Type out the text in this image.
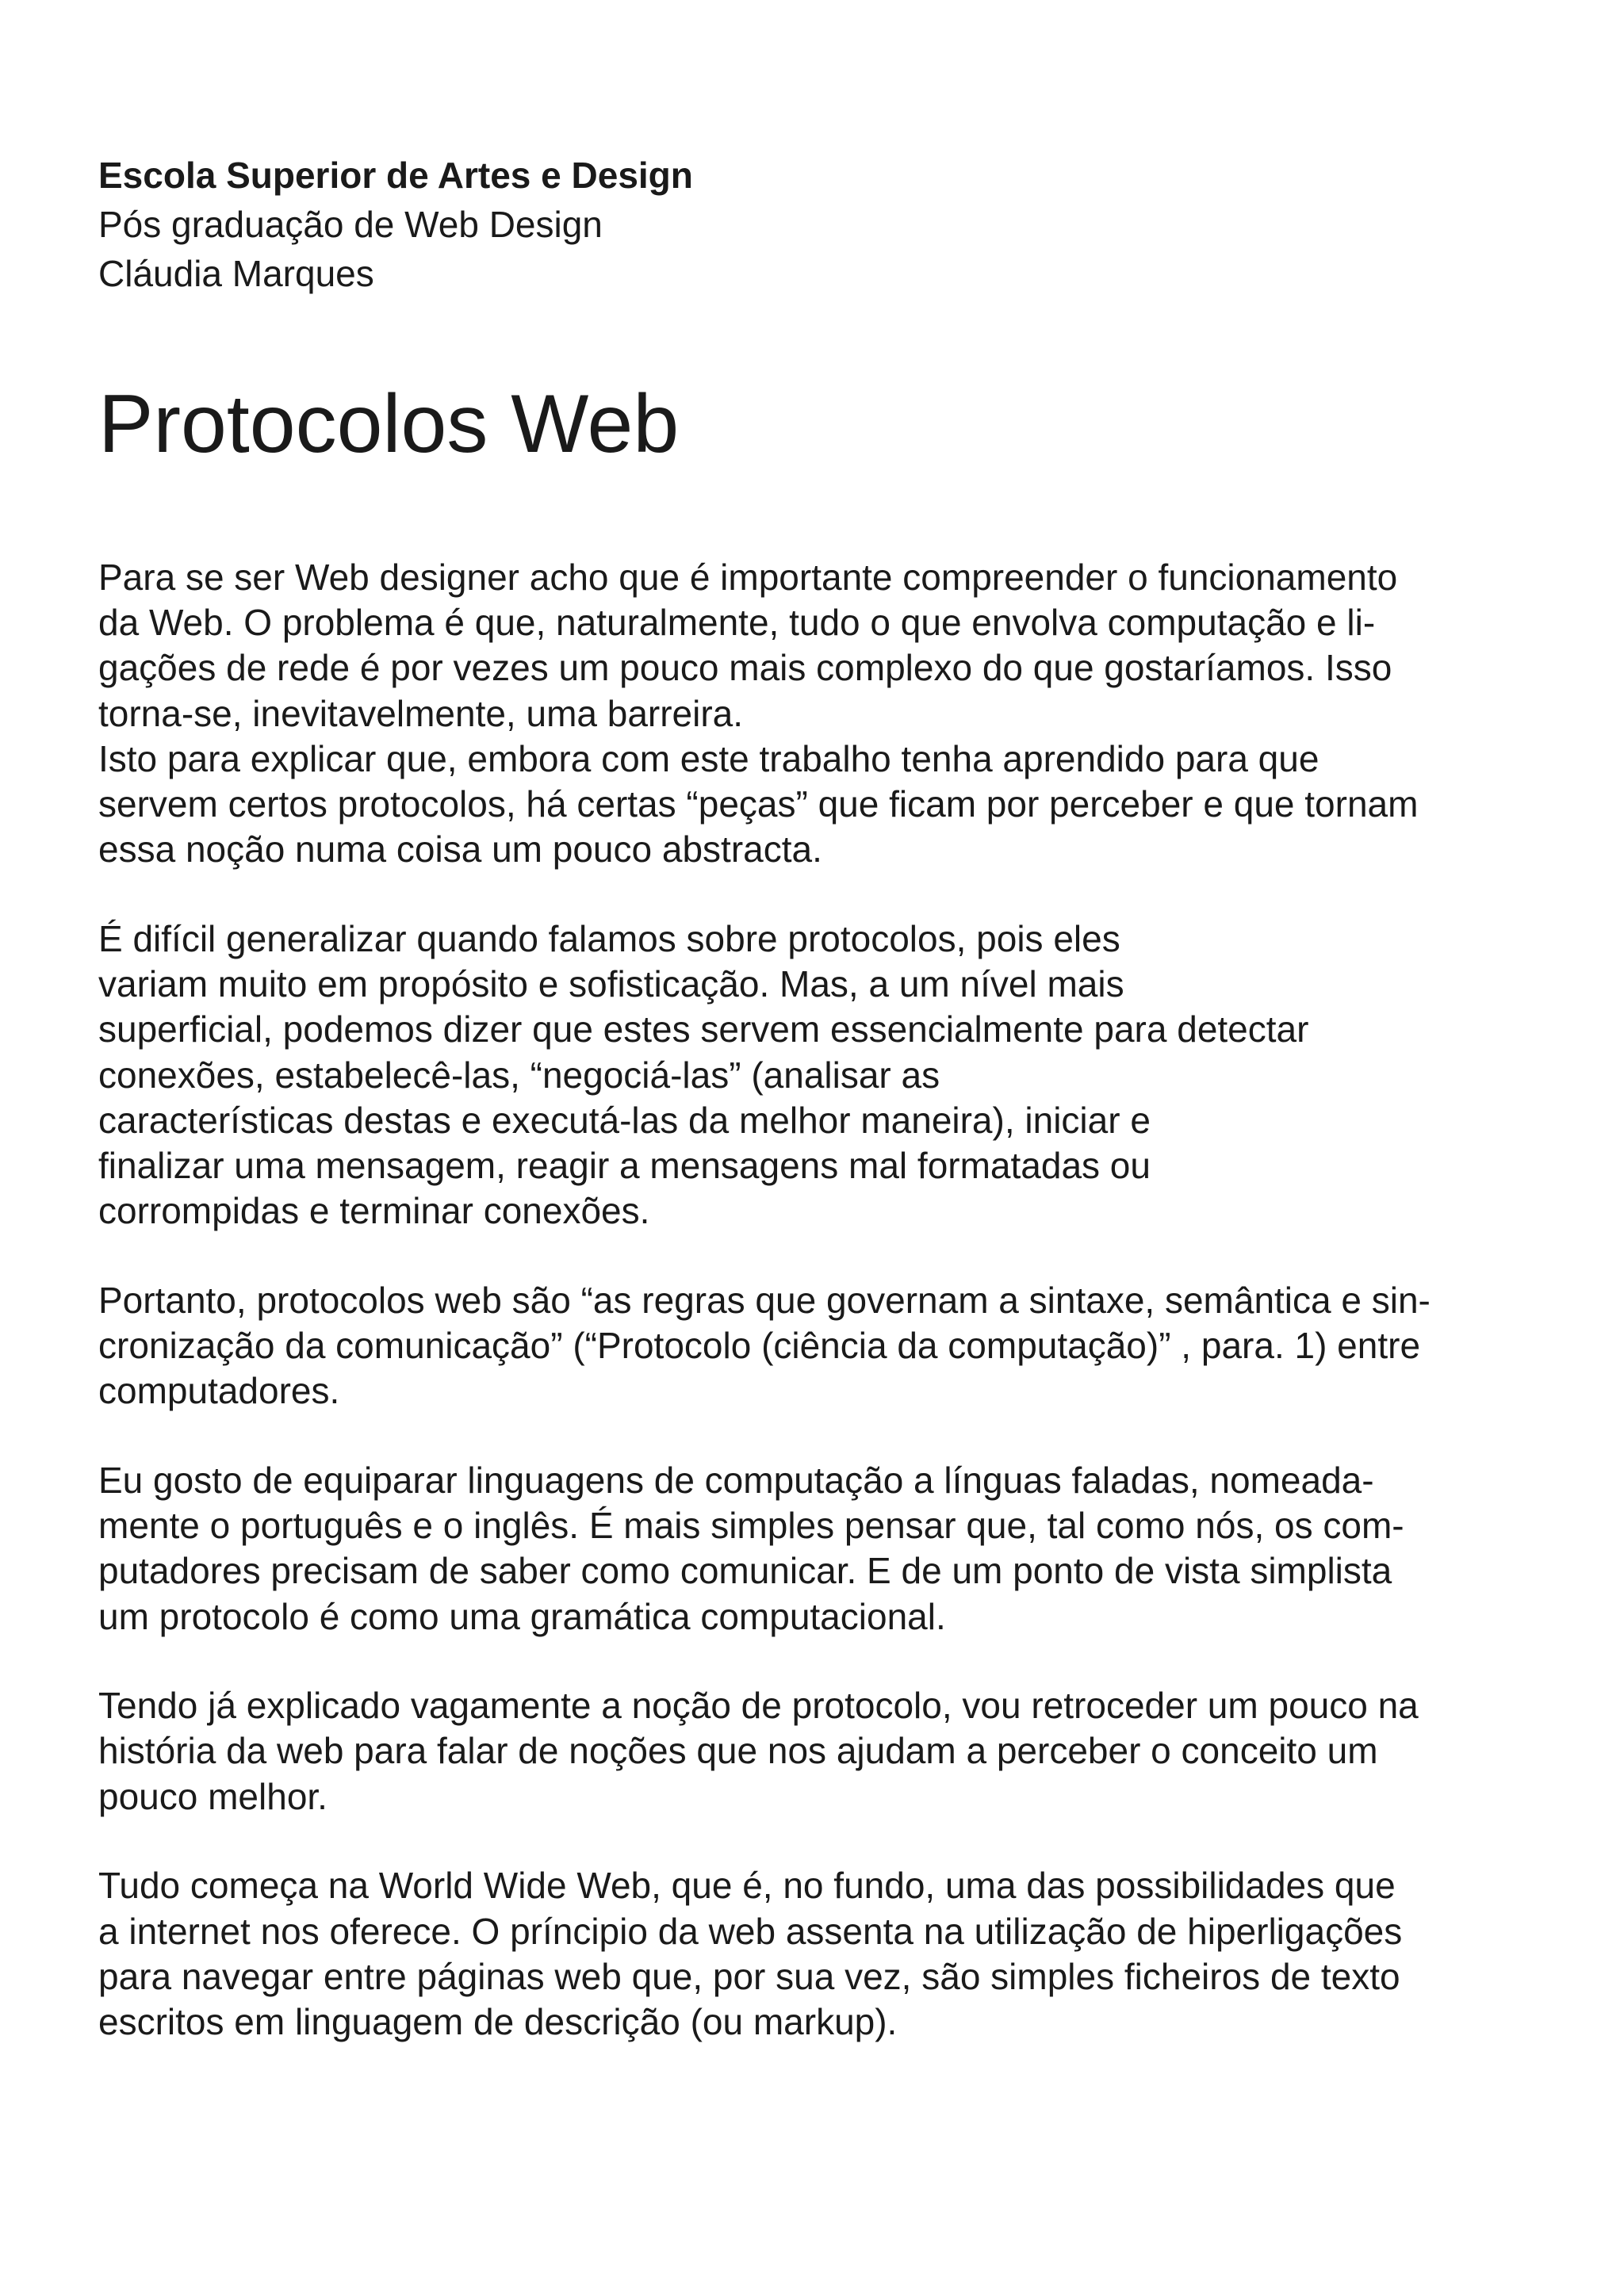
Escola Superior de Artes e Design
Pós graduação de Web Design
Cláudia Marques
Protocolos Web
Para se ser Web designer acho que é importante compreender o funcionamento
da Web. O problema é que, naturalmente, tudo o que envolva computação e li-
gações de rede é por vezes um pouco mais complexo do que gostaríamos. Isso
torna-se, inevitavelmente, uma barreira.
Isto para explicar que, embora com este trabalho tenha aprendido para que
servem certos protocolos, há certas “peças” que ficam por perceber e que tornam
essa noção numa coisa um pouco abstracta.
É difícil generalizar quando falamos sobre protocolos, pois eles
variam muito em propósito e sofisticação. Mas, a um nível mais
superficial, podemos dizer que estes servem essencialmente para detectar
conexões, estabelecê-las, “negociá-las” (analisar as
características destas e executá-las da melhor maneira), iniciar e
finalizar uma mensagem, reagir a mensagens mal formatadas ou
corrompidas e terminar conexões.
Portanto, protocolos web são “as regras que governam a sintaxe, semântica e sin-
cronização da comunicação” (“Protocolo (ciência da computação)” , para. 1) entre
computadores.
Eu gosto de equiparar linguagens de computação a línguas faladas, nomeada-
mente o português e o inglês. É mais simples pensar que, tal como nós, os com-
putadores precisam de saber como comunicar. E de um ponto de vista simplista
um protocolo é como uma gramática computacional.
Tendo já explicado vagamente a noção de protocolo, vou retroceder um pouco na
história da web para falar de noções que nos ajudam a perceber o conceito um
pouco melhor.
Tudo começa na World Wide Web, que é, no fundo, uma das possibilidades que
a internet nos oferece. O príncipio da web assenta na utilização de hiperligações
para navegar entre páginas web que, por sua vez, são simples ficheiros de texto
escritos em linguagem de descrição (ou markup).
